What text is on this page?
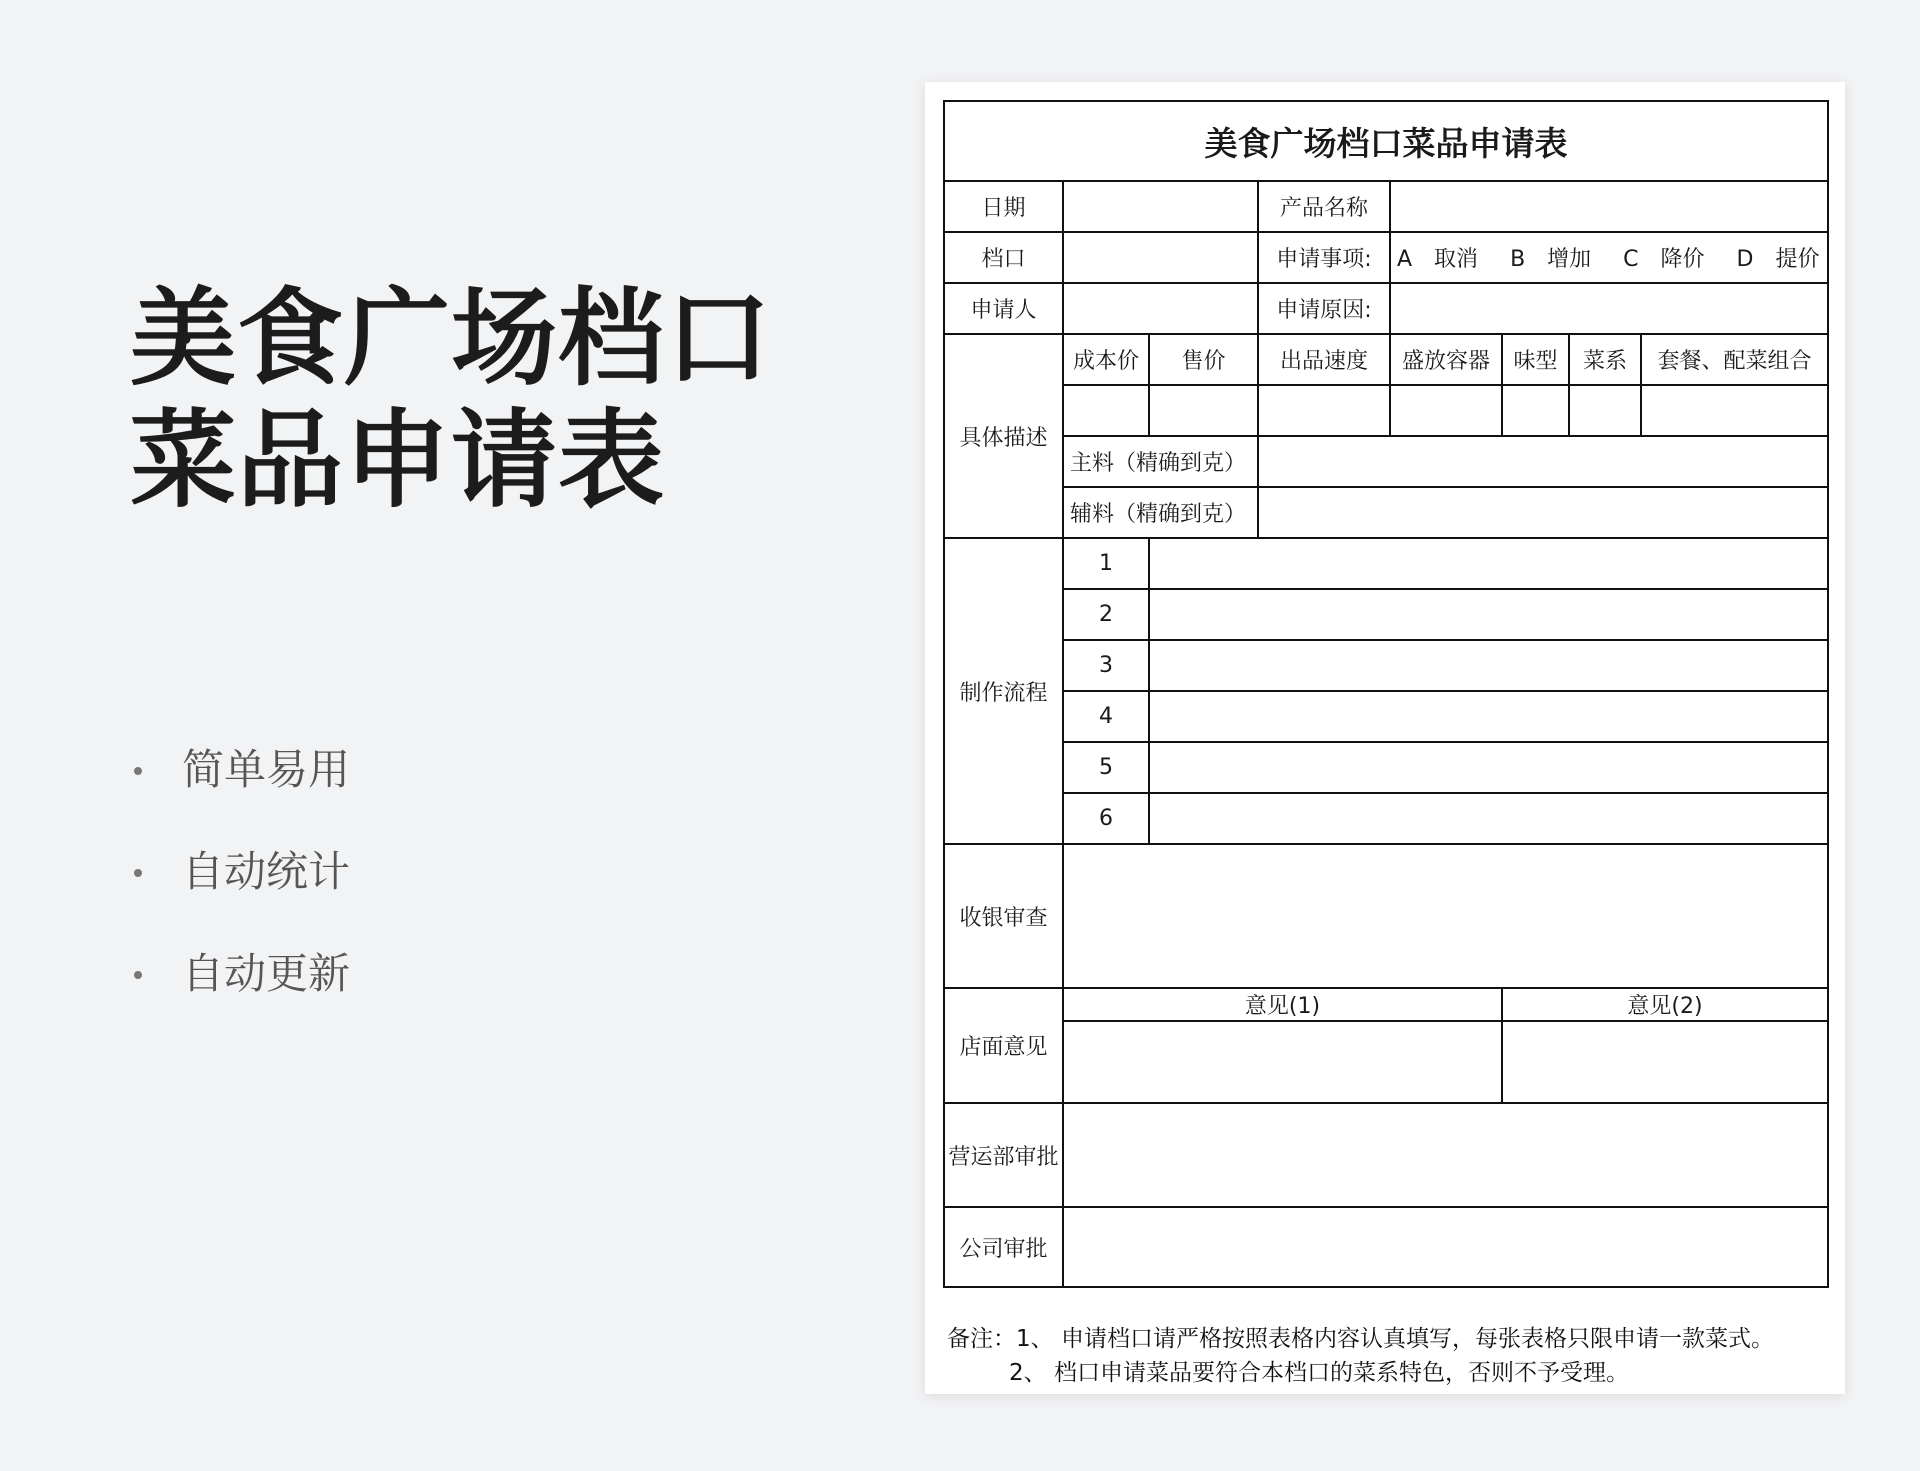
美食广场档口菜品申请表
简单易用
自动统计
自动更新
美食广场档口菜品申请表							
日期			产品名称				
档口			申请事项:	A　取消 B　增加 C　降价 D　提价			
申请人			申请原因:				
具体描述	成本价	售价	出品速度	盛放容器	味型	菜系	套餐、配菜组合

	主料（精确到克）						
	辅料（精确到克）						
制作流程	1						
	2						
	3						
	4						
	5						
	6						
收银审查							
店面意见	意见(1)				意见(2)		

营运部审批							
公司审批							
备注：1、 申请档口请严格按照表格内容认真填写，每张表格只限申请一款菜式。
2、 档口申请菜品要符合本档口的菜系特色，否则不予受理。
